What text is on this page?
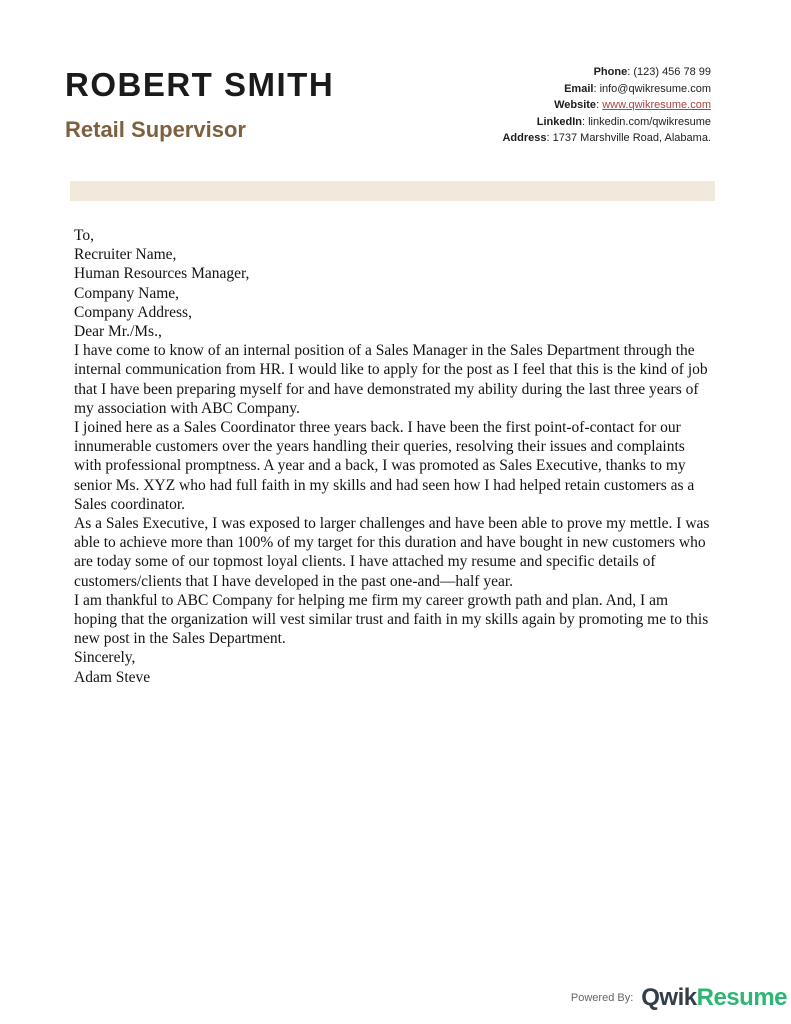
ROBERT SMITH
Retail Supervisor
Phone: (123) 456 78 99
Email: info@qwikresume.com
Website: www.qwikresume.com
LinkedIn: linkedin.com/qwikresume
Address: 1737 Marshville Road, Alabama.

To,
Recruiter Name,
Human Resources Manager,
Company Name,
Company Address,

Dear Mr./Ms.,

I have come to know of an internal position of a Sales Manager in the Sales Department through the internal communication from HR. I would like to apply for the post as I feel that this is the kind of job that I have been preparing myself for and have demonstrated my ability during the last three years of my association with ABC Company.

I joined here as a Sales Coordinator three years back. I have been the first point-of-contact for our innumerable customers over the years handling their queries, resolving their issues and complaints with professional promptness. A year and a back, I was promoted as Sales Executive, thanks to my senior Ms. XYZ who had full faith in my skills and had seen how I had helped retain customers as a Sales coordinator.

As a Sales Executive, I was exposed to larger challenges and have been able to prove my mettle. I was able to achieve more than 100% of my target for this duration and have bought in new customers who are today some of our topmost loyal clients. I have attached my resume and specific details of customers/clients that I have developed in the past one-and—half year.

I am thankful to ABC Company for helping me firm my career growth path and plan. And, I am hoping that the organization will vest similar trust and faith in my skills again by promoting me to this new post in the Sales Department.

Sincerely,
Adam Steve

Powered By: QwikResume
